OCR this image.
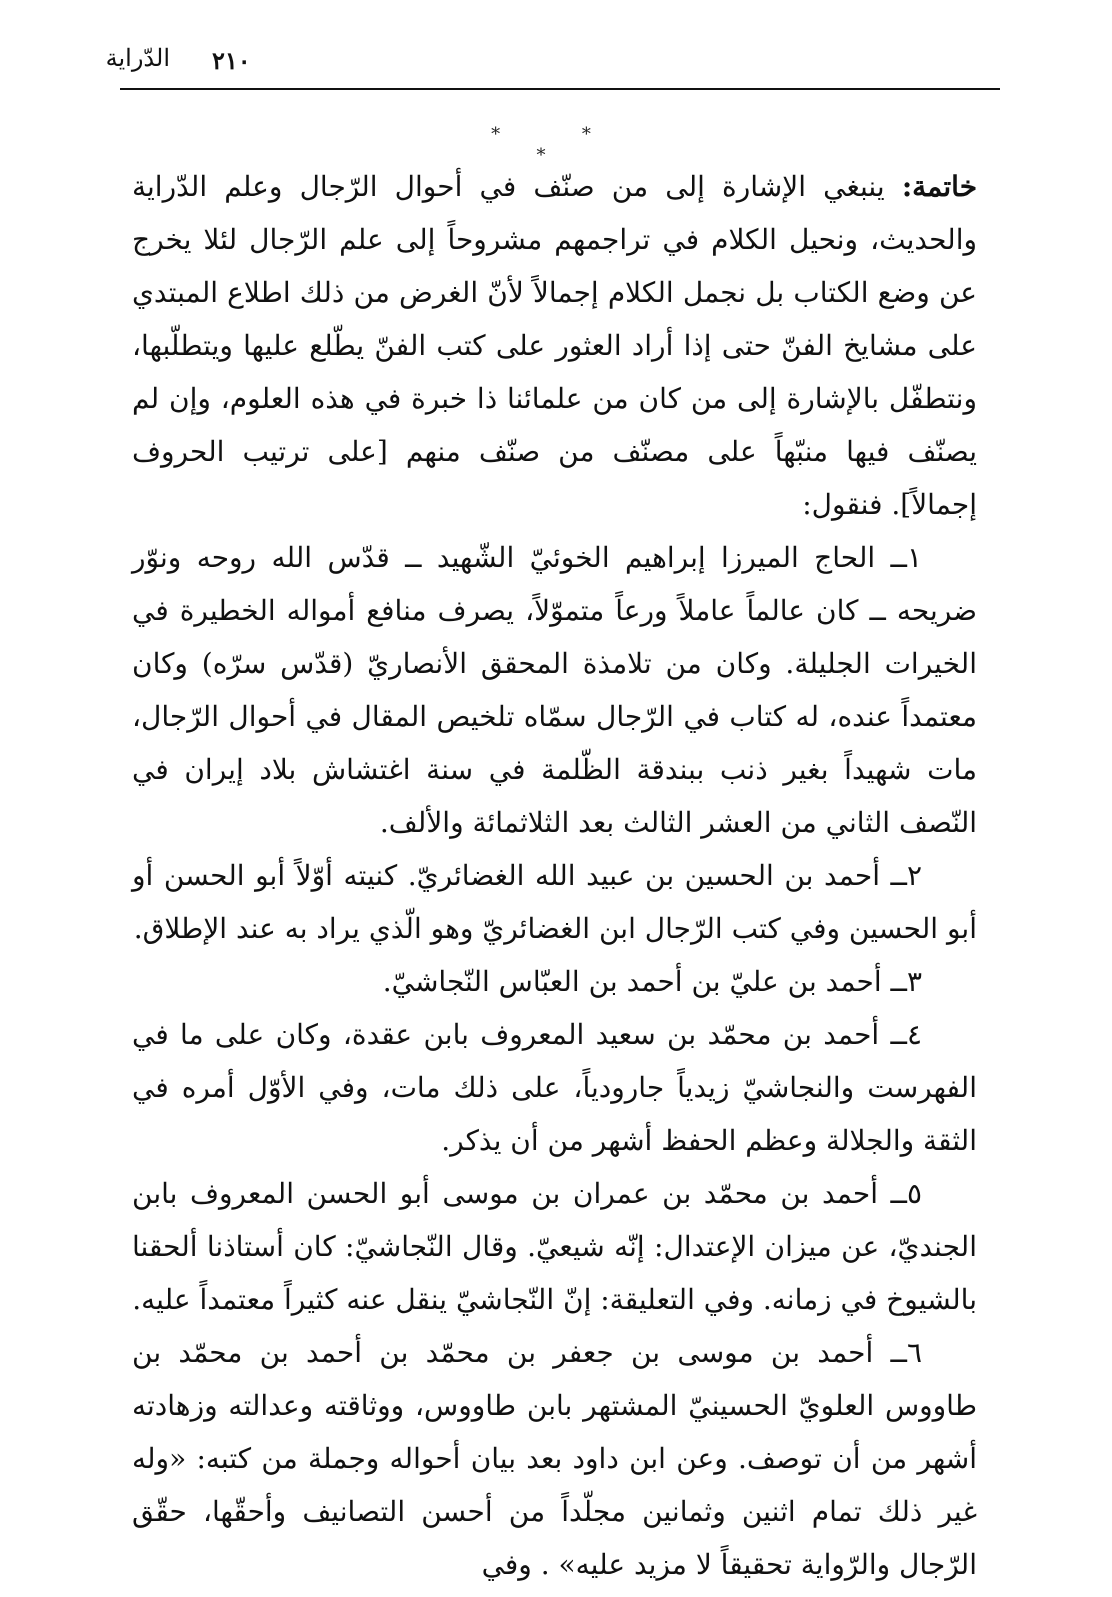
٢١٠
الدّراية
* * *

خاتمة: ينبغي الإشارة إلى من صنّف في أحوال الرّجال وعلم الدّراية والحديث، ونحيل الكلام في تراجمهم مشروحاً إلى علم الرّجال لئلا يخرج عن وضع الكتاب بل نجمل الكلام إجمالاً لأنّ الغرض من ذلك اطلاع المبتدي على مشايخ الفنّ حتى إذا أراد العثور على كتب الفنّ يطّلع عليها ويتطلّبها، ونتطفّل بالإشارة إلى من كان من علمائنا ذا خبرة في هذه العلوم، وإن لم يصنّف فيها منبّهاً على مصنّف من صنّف منهم [على ترتيب الحروف إجمالاً]. فنقول:

١ــ الحاج الميرزا إبراهيم الخوئيّ الشّهيد ــ قدّس الله روحه ونوّر ضريحه ــ كان عالماً عاملاً ورعاً متموّلاً، يصرف منافع أمواله الخطيرة في الخيرات الجليلة. وكان من تلامذة المحقق الأنصاريّ (قدّس سرّه) وكان معتمداً عنده، له كتاب في الرّجال سمّاه تلخيص المقال في أحوال الرّجال، مات شهيداً بغير ذنب ببندقة الظّلمة في سنة اغتشاش بلاد إيران في النّصف الثاني من العشر الثالث بعد الثلاثمائة والألف.

٢ــ أحمد بن الحسين بن عبيد الله الغضائريّ. كنيته أوّلاً أبو الحسن أو أبو الحسين وفي كتب الرّجال ابن الغضائريّ وهو الّذي يراد به عند الإطلاق.

٣ــ أحمد بن عليّ بن أحمد بن العبّاس النّجاشيّ.

٤ــ أحمد بن محمّد بن سعيد المعروف بابن عقدة، وكان على ما في الفهرست والنجاشيّ زيدياً جارودياً، على ذلك مات، وفي الأوّل أمره في الثقة والجلالة وعظم الحفظ أشهر من أن يذكر.

٥ــ أحمد بن محمّد بن عمران بن موسى أبو الحسن المعروف بابن الجنديّ، عن ميزان الإعتدال: إنّه شيعيّ. وقال النّجاشيّ: كان أستاذنا ألحقنا بالشيوخ في زمانه. وفي التعليقة: إنّ النّجاشيّ ينقل عنه كثيراً معتمداً عليه.

٦ــ أحمد بن موسى بن جعفر بن محمّد بن أحمد بن محمّد بن طاووس العلويّ الحسينيّ المشتهر بابن طاووس، ووثاقته وعدالته وزهادته أشهر من أن توصف. وعن ابن داود بعد بيان أحواله وجملة من كتبه: «وله غير ذلك تمام اثنين وثمانين مجلّداً من أحسن التصانيف وأحقّها، حقّق الرّجال والرّواية تحقيقاً لا مزيد عليه» . وفي
